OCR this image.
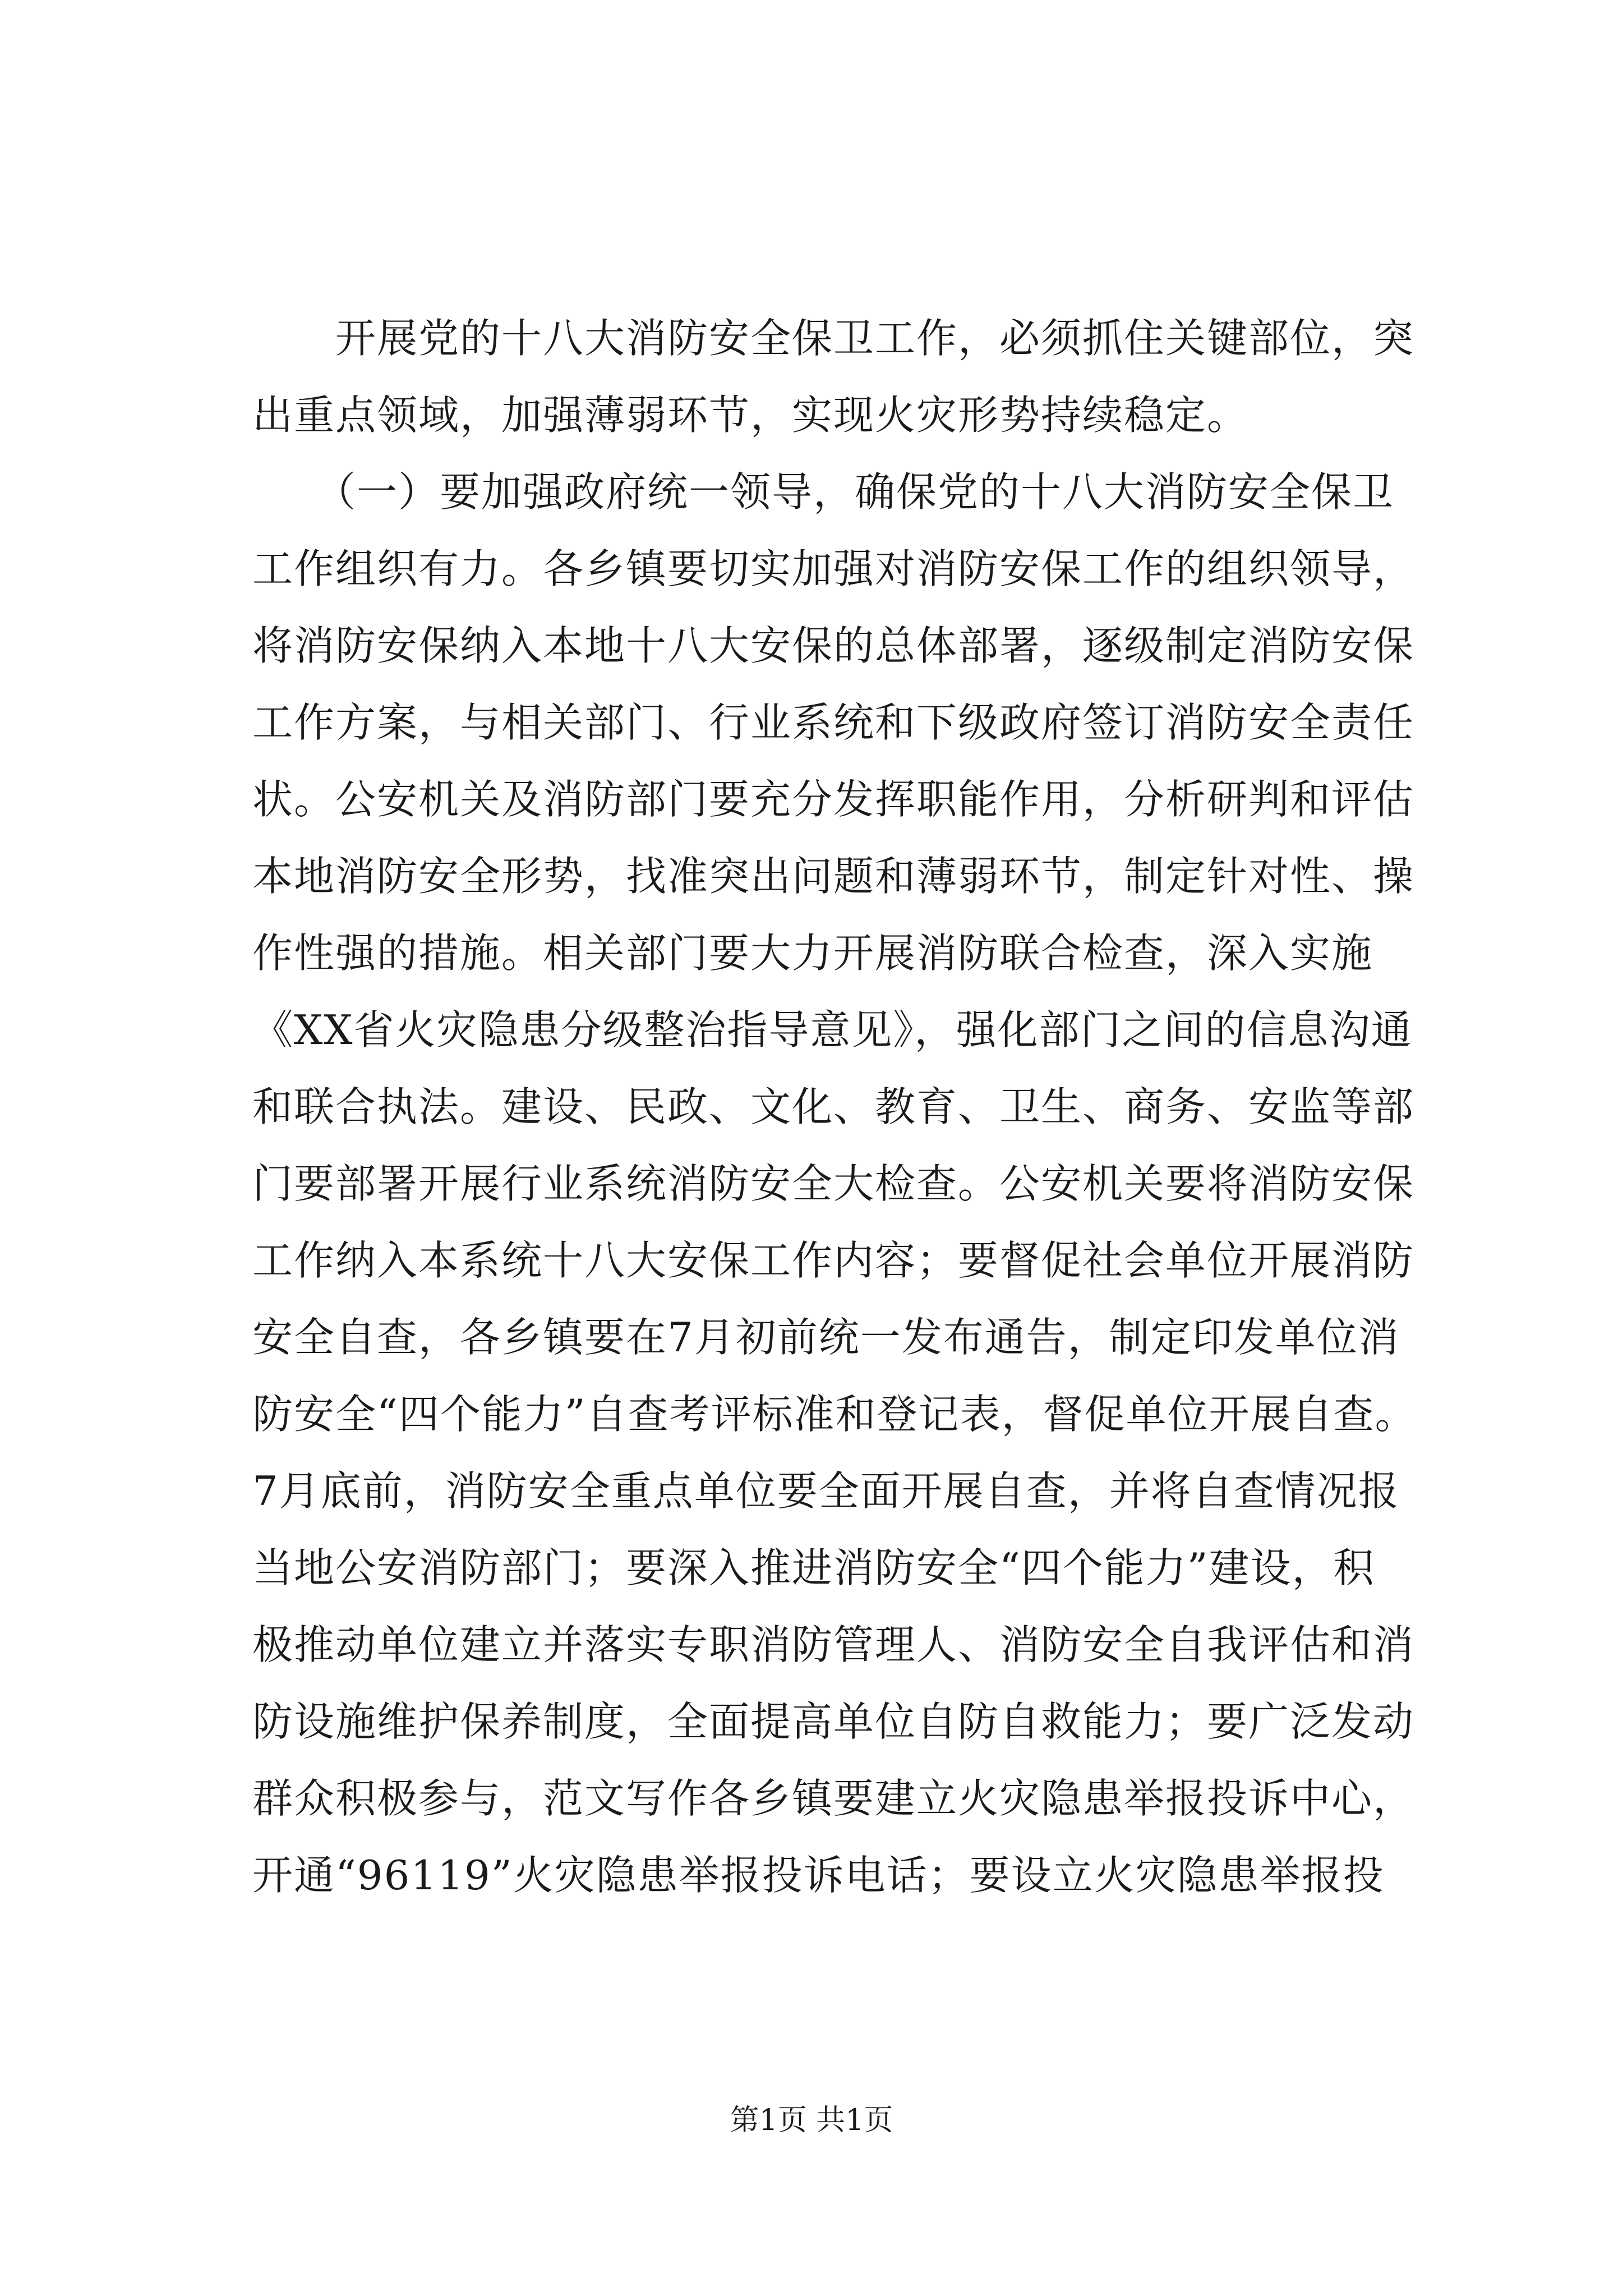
　　开展党的十八大消防安全保卫工作，必须抓住关键部位，突
出重点领域，加强薄弱环节，实现火灾形势持续稳定。
　　（一）要加强政府统一领导，确保党的十八大消防安全保卫
工作组织有力。各乡镇要切实加强对消防安保工作的组织领导，
将消防安保纳入本地十八大安保的总体部署，逐级制定消防安保
工作方案，与相关部门、行业系统和下级政府签订消防安全责任
状。公安机关及消防部门要充分发挥职能作用，分析研判和评估
本地消防安全形势，找准突出问题和薄弱环节，制定针对性、操
作性强的措施。相关部门要大力开展消防联合检查，深入实施
《XX省火灾隐患分级整治指导意见》，强化部门之间的信息沟通
和联合执法。建设、民政、文化、教育、卫生、商务、安监等部
门要部署开展行业系统消防安全大检查。公安机关要将消防安保
工作纳入本系统十八大安保工作内容；要督促社会单位开展消防
安全自查，各乡镇要在7月初前统一发布通告，制定印发单位消
防安全“四个能力”自查考评标准和登记表，督促单位开展自查。
7月底前，消防安全重点单位要全面开展自查，并将自查情况报
当地公安消防部门；要深入推进消防安全“四个能力”建设，积
极推动单位建立并落实专职消防管理人、消防安全自我评估和消
防设施维护保养制度，全面提高单位自防自救能力；要广泛发动
群众积极参与，范文写作各乡镇要建立火灾隐患举报投诉中心，
开通“96119”火灾隐患举报投诉电话；要设立火灾隐患举报投
第1页 共1页
